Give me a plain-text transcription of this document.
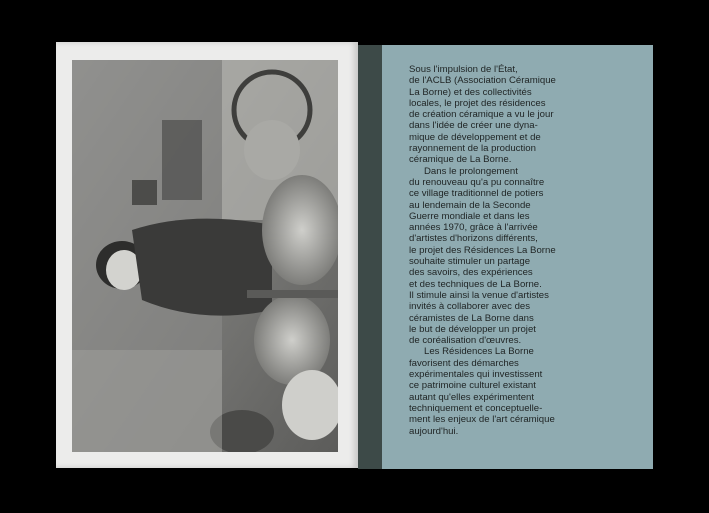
Sous l'impulsion de l'État,
de l'ACLB (Association Céramique
La Borne) et des collectivités
locales, le projet des résidences
de création céramique a vu le jour
dans l'idée de créer une dyna-
mique de développement et de
rayonnement de la production
céramique de La Borne.

Dans le prolongement
du renouveau qu'a pu connaître
ce village traditionnel de potiers
au lendemain de la Seconde
Guerre mondiale et dans les
années 1970, grâce à l'arrivée
d'artistes d'horizons différents,
le projet des Résidences La Borne
souhaite stimuler un partage
des savoirs, des expériences
et des techniques de La Borne.
Il stimule ainsi la venue d'artistes
invités à collaborer avec des
céramistes de La Borne dans
le but de développer un projet
de coréalisation d'œuvres.

Les Résidences La Borne
favorisent des démarches
expérimentales qui investissent
ce patrimoine culturel existant
autant qu'elles expérimentent
techniquement et conceptuelle-
ment les enjeux de l'art céramique
aujourd'hui.
